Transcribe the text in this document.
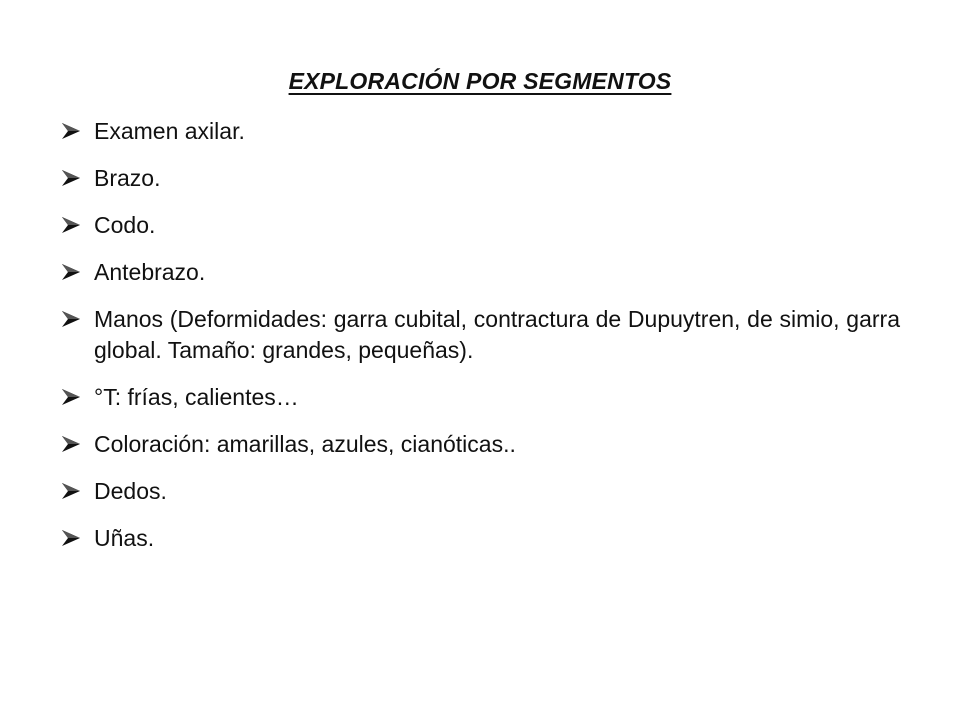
EXPLORACIÓN POR SEGMENTOS
Examen axilar.
Brazo.
Codo.
Antebrazo.
Manos (Deformidades: garra cubital, contractura de Dupuytren, de simio, garra global. Tamaño: grandes, pequeñas).
°T: frías, calientes…
Coloración: amarillas, azules, cianóticas..
Dedos.
Uñas.
